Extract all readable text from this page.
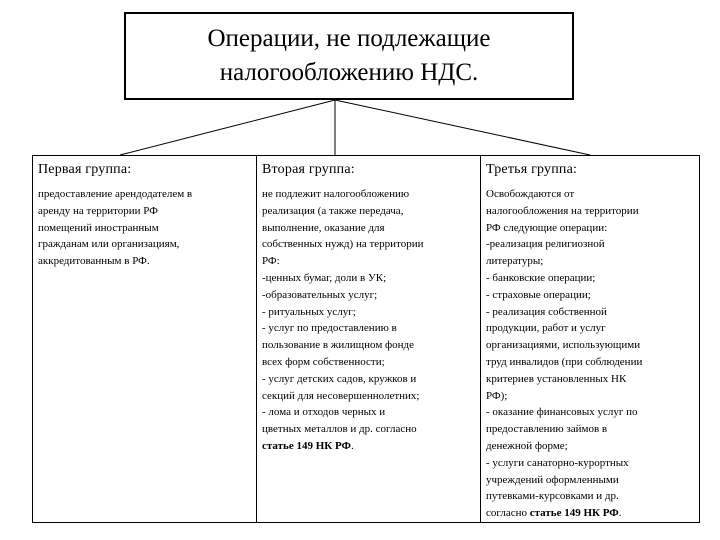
Операции, не подлежащие
налогообложению НДС.
Первая группа:
предоставление арендодателем в
аренду на территории РФ
помещений иностранным
гражданам или организациям,
аккредитованным в РФ.
Вторая группа:
не подлежит налогообложению
реализация (а также передача,
выполнение, оказание для
собственных нужд) на территории
РФ:
-ценных бумаг, доли в УК;
-образовательных услуг;
- ритуальных услуг;
- услуг по предоставлению в
пользование в жилищном фонде
всех форм собственности;
- услуг детских садов, кружков и
секций для несовершеннолетних;
- лома и отходов черных и
цветных металлов и др. согласно
статье 149 НК РФ.
Третья группа:
Освобождаются от
налогообложения на территории
РФ следующие операции:
-реализация религиозной
литературы;
- банковские операции;
- страховые операции;
- реализация собственной
продукции, работ и услуг
организациями, использующими
труд инвалидов (при соблюдении
критериев установленных НК
РФ);
- оказание финансовых услуг по
предоставлению займов в
денежной форме;
- услуги санаторно-курортных
учреждений оформленными
путевками-курсовками и др.
согласно статье 149 НК РФ.
